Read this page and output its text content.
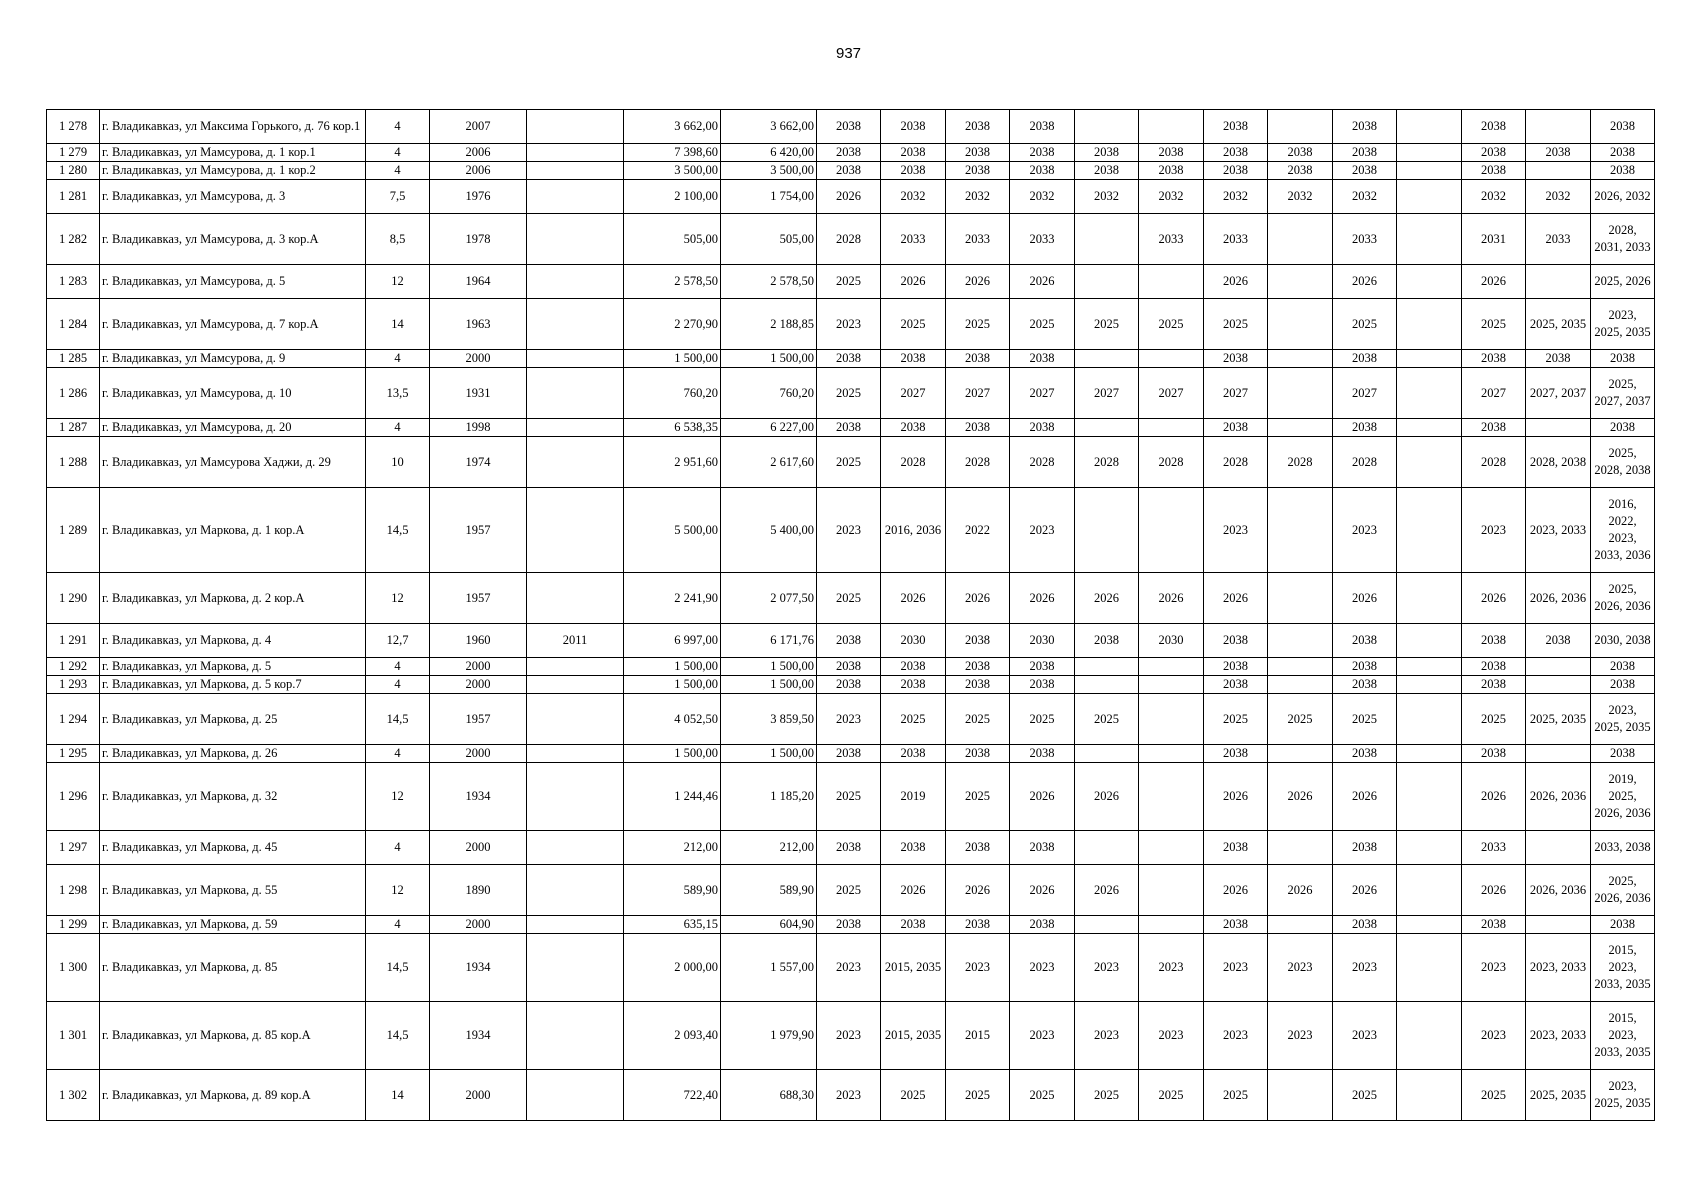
937
1 278	г. Владикавказ, ул Максима Горького, д. 76 кор.1	4	2007		3 662,00	3 662,00	2038	2038	2038	2038			2038		2038		2038		2038
1 279	г. Владикавказ, ул Мамсурова, д. 1 кор.1	4	2006		7 398,60	6 420,00	2038	2038	2038	2038	2038	2038	2038	2038	2038		2038	2038	2038
1 280	г. Владикавказ, ул Мамсурова, д. 1 кор.2	4	2006		3 500,00	3 500,00	2038	2038	2038	2038	2038	2038	2038	2038	2038		2038		2038
1 281	г. Владикавказ, ул Мамсурова, д. 3	7,5	1976		2 100,00	1 754,00	2026	2032	2032	2032	2032	2032	2032	2032	2032		2032	2032	2026, 2032
1 282	г. Владикавказ, ул Мамсурова, д. 3 кор.А	8,5	1978		505,00	505,00	2028	2033	2033	2033		2033	2033		2033		2031	2033	2028, 2031, 2033
1 283	г. Владикавказ, ул Мамсурова, д. 5	12	1964		2 578,50	2 578,50	2025	2026	2026	2026			2026		2026		2026		2025, 2026
1 284	г. Владикавказ, ул Мамсурова, д. 7 кор.А	14	1963		2 270,90	2 188,85	2023	2025	2025	2025	2025	2025	2025		2025		2025	2025, 2035	2023, 2025, 2035
1 285	г. Владикавказ, ул Мамсурова, д. 9	4	2000		1 500,00	1 500,00	2038	2038	2038	2038			2038		2038		2038	2038	2038
1 286	г. Владикавказ, ул Мамсурова, д. 10	13,5	1931		760,20	760,20	2025	2027	2027	2027	2027	2027	2027		2027		2027	2027, 2037	2025, 2027, 2037
1 287	г. Владикавказ, ул Мамсурова, д. 20	4	1998		6 538,35	6 227,00	2038	2038	2038	2038			2038		2038		2038		2038
1 288	г. Владикавказ, ул Мамсурова Хаджи, д. 29	10	1974		2 951,60	2 617,60	2025	2028	2028	2028	2028	2028	2028	2028	2028		2028	2028, 2038	2025, 2028, 2038
1 289	г. Владикавказ, ул Маркова, д. 1 кор.А	14,5	1957		5 500,00	5 400,00	2023	2016, 2036	2022	2023			2023		2023		2023	2023, 2033	2016, 2022, 2023, 2033, 2036
1 290	г. Владикавказ, ул Маркова, д. 2 кор.А	12	1957		2 241,90	2 077,50	2025	2026	2026	2026	2026	2026	2026		2026		2026	2026, 2036	2025, 2026, 2036
1 291	г. Владикавказ, ул Маркова, д. 4	12,7	1960	2011	6 997,00	6 171,76	2038	2030	2038	2030	2038	2030	2038		2038		2038	2038	2030, 2038
1 292	г. Владикавказ, ул Маркова, д. 5	4	2000		1 500,00	1 500,00	2038	2038	2038	2038			2038		2038		2038		2038
1 293	г. Владикавказ, ул Маркова, д. 5 кор.7	4	2000		1 500,00	1 500,00	2038	2038	2038	2038			2038		2038		2038		2038
1 294	г. Владикавказ, ул Маркова, д. 25	14,5	1957		4 052,50	3 859,50	2023	2025	2025	2025	2025		2025	2025	2025		2025	2025, 2035	2023, 2025, 2035
1 295	г. Владикавказ, ул Маркова, д. 26	4	2000		1 500,00	1 500,00	2038	2038	2038	2038			2038		2038		2038		2038
1 296	г. Владикавказ, ул Маркова, д. 32	12	1934		1 244,46	1 185,20	2025	2019	2025	2026	2026		2026	2026	2026		2026	2026, 2036	2019, 2025, 2026, 2036
1 297	г. Владикавказ, ул Маркова, д. 45	4	2000		212,00	212,00	2038	2038	2038	2038			2038		2038		2033		2033, 2038
1 298	г. Владикавказ, ул Маркова, д. 55	12	1890		589,90	589,90	2025	2026	2026	2026	2026		2026	2026	2026		2026	2026, 2036	2025, 2026, 2036
1 299	г. Владикавказ, ул Маркова, д. 59	4	2000		635,15	604,90	2038	2038	2038	2038			2038		2038		2038		2038
1 300	г. Владикавказ, ул Маркова, д. 85	14,5	1934		2 000,00	1 557,00	2023	2015, 2035	2023	2023	2023	2023	2023	2023	2023		2023	2023, 2033	2015, 2023, 2033, 2035
1 301	г. Владикавказ, ул Маркова, д. 85 кор.А	14,5	1934		2 093,40	1 979,90	2023	2015, 2035	2015	2023	2023	2023	2023	2023	2023		2023	2023, 2033	2015, 2023, 2033, 2035
1 302	г. Владикавказ, ул Маркова, д. 89 кор.А	14	2000		722,40	688,30	2023	2025	2025	2025	2025	2025	2025		2025		2025	2025, 2035	2023, 2025, 2035
